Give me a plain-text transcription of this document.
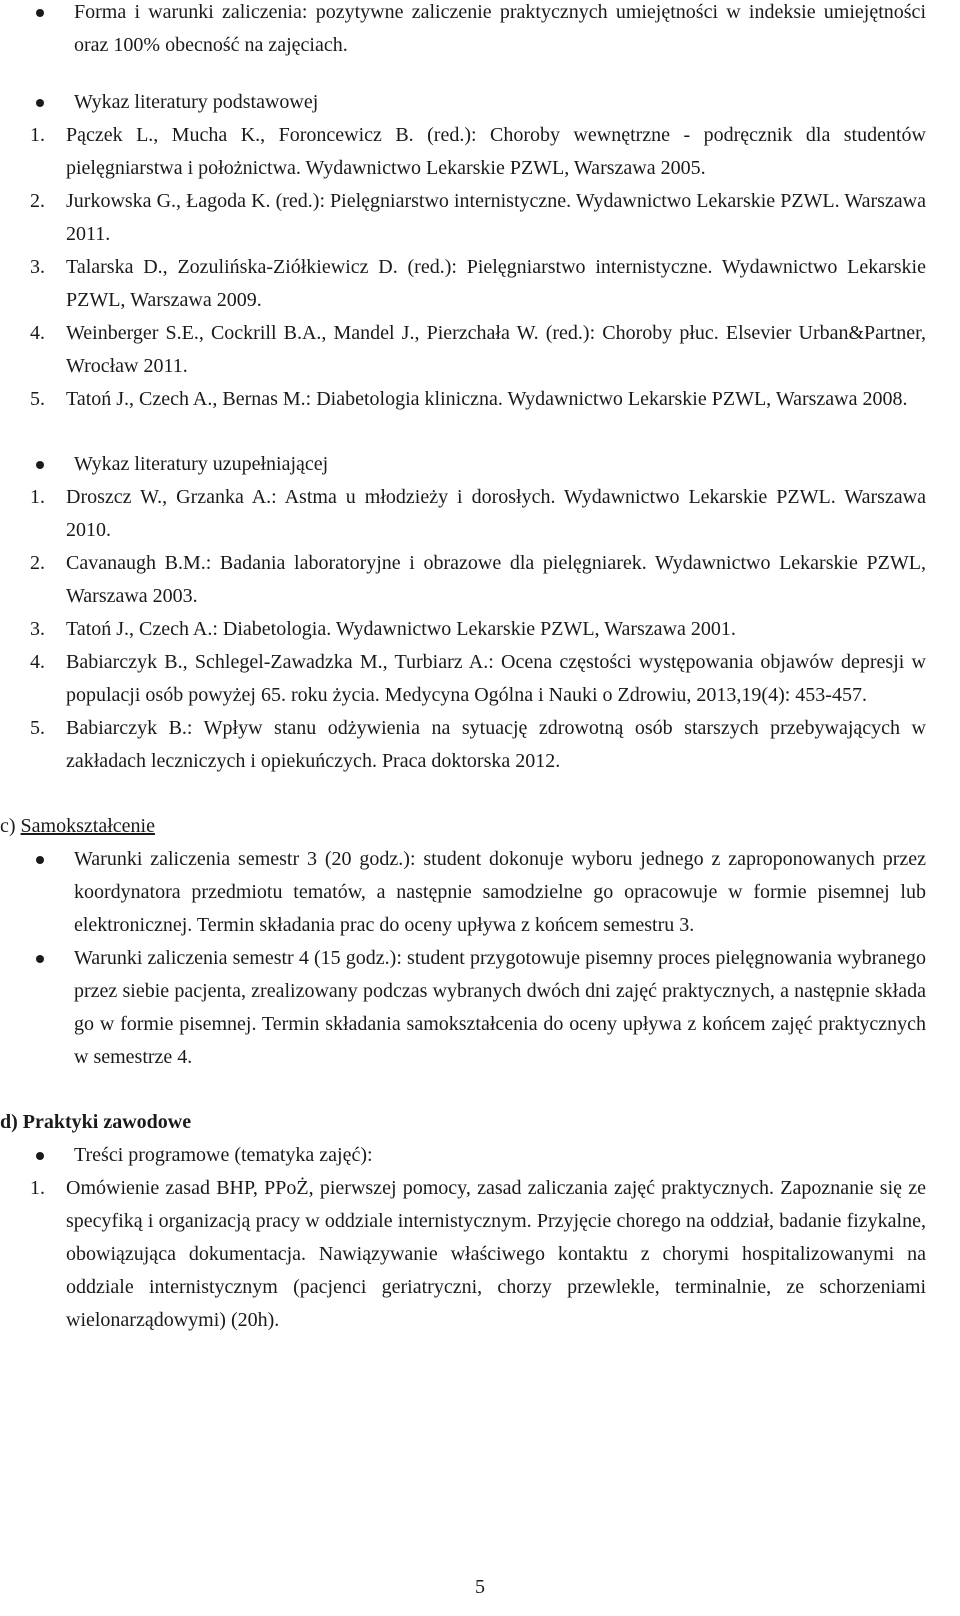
Forma i warunki zaliczenia: pozytywne zaliczenie praktycznych umiejętności w indeksie umiejętności oraz 100% obecność na zajęciach.
Wykaz literatury podstawowej
1. Pączek L., Mucha K., Foroncewicz B. (red.): Choroby wewnętrzne - podręcznik dla studentów pielęgniarstwa i położnictwa. Wydawnictwo Lekarskie PZWL, Warszawa 2005.
2. Jurkowska G., Łagoda K. (red.): Pielęgniarstwo internistyczne. Wydawnictwo Lekarskie PZWL. Warszawa 2011.
3. Talarska D., Zozulińska-Ziółkiewicz D. (red.): Pielęgniarstwo internistyczne. Wydawnictwo Lekarskie PZWL, Warszawa 2009.
4. Weinberger S.E., Cockrill B.A., Mandel J., Pierzchała W. (red.): Choroby płuc. Elsevier Urban&Partner, Wrocław 2011.
5. Tatoń J., Czech A., Bernas M.: Diabetologia kliniczna. Wydawnictwo Lekarskie PZWL, Warszawa 2008.
Wykaz literatury uzupełniającej
1. Droszcz W., Grzanka A.: Astma u młodzieży i dorosłych. Wydawnictwo Lekarskie PZWL. Warszawa 2010.
2. Cavanaugh B.M.: Badania laboratoryjne i obrazowe dla pielęgniarek. Wydawnictwo Lekarskie PZWL, Warszawa 2003.
3. Tatoń J., Czech A.: Diabetologia. Wydawnictwo Lekarskie PZWL, Warszawa 2001.
4. Babiarczyk B., Schlegel-Zawadzka M., Turbiarz A.: Ocena częstości występowania objawów depresji w populacji osób powyżej 65. roku życia. Medycyna Ogólna i Nauki o Zdrowiu, 2013,19(4): 453-457.
5. Babiarczyk B.: Wpływ stanu odżywienia na sytuację zdrowotną osób starszych przebywających w zakładach leczniczych i opiekuńczych. Praca doktorska 2012.
c) Samokształcenie
Warunki zaliczenia semestr 3 (20 godz.): student dokonuje wyboru jednego z zaproponowanych przez koordynatora przedmiotu tematów, a następnie samodzielne go opracowuje w formie pisemnej lub elektronicznej. Termin składania prac do oceny upływa z końcem semestru 3.
Warunki zaliczenia semestr 4 (15 godz.): student przygotowuje pisemny proces pielęgnowania wybranego przez siebie pacjenta, zrealizowany podczas wybranych dwóch dni zajęć praktycznych, a następnie składa go w formie pisemnej. Termin składania samokształcenia do oceny upływa z końcem zajęć praktycznych w semestrze 4.
d) Praktyki zawodowe
Treści programowe (tematyka zajęć):
1. Omówienie zasad BHP, PPoŻ, pierwszej pomocy, zasad zaliczania zajęć praktycznych. Zapoznanie się ze specyfiką i organizacją pracy w oddziale internistycznym. Przyjęcie chorego na oddział, badanie fizykalne, obowiązująca dokumentacja. Nawiązywanie właściwego kontaktu z chorymi hospitalizowanymi na oddziale internistycznym (pacjenci geriatryczni, chorzy przewlekle, terminalnie, ze schorzeniami wielonarządowymi) (20h).
5
